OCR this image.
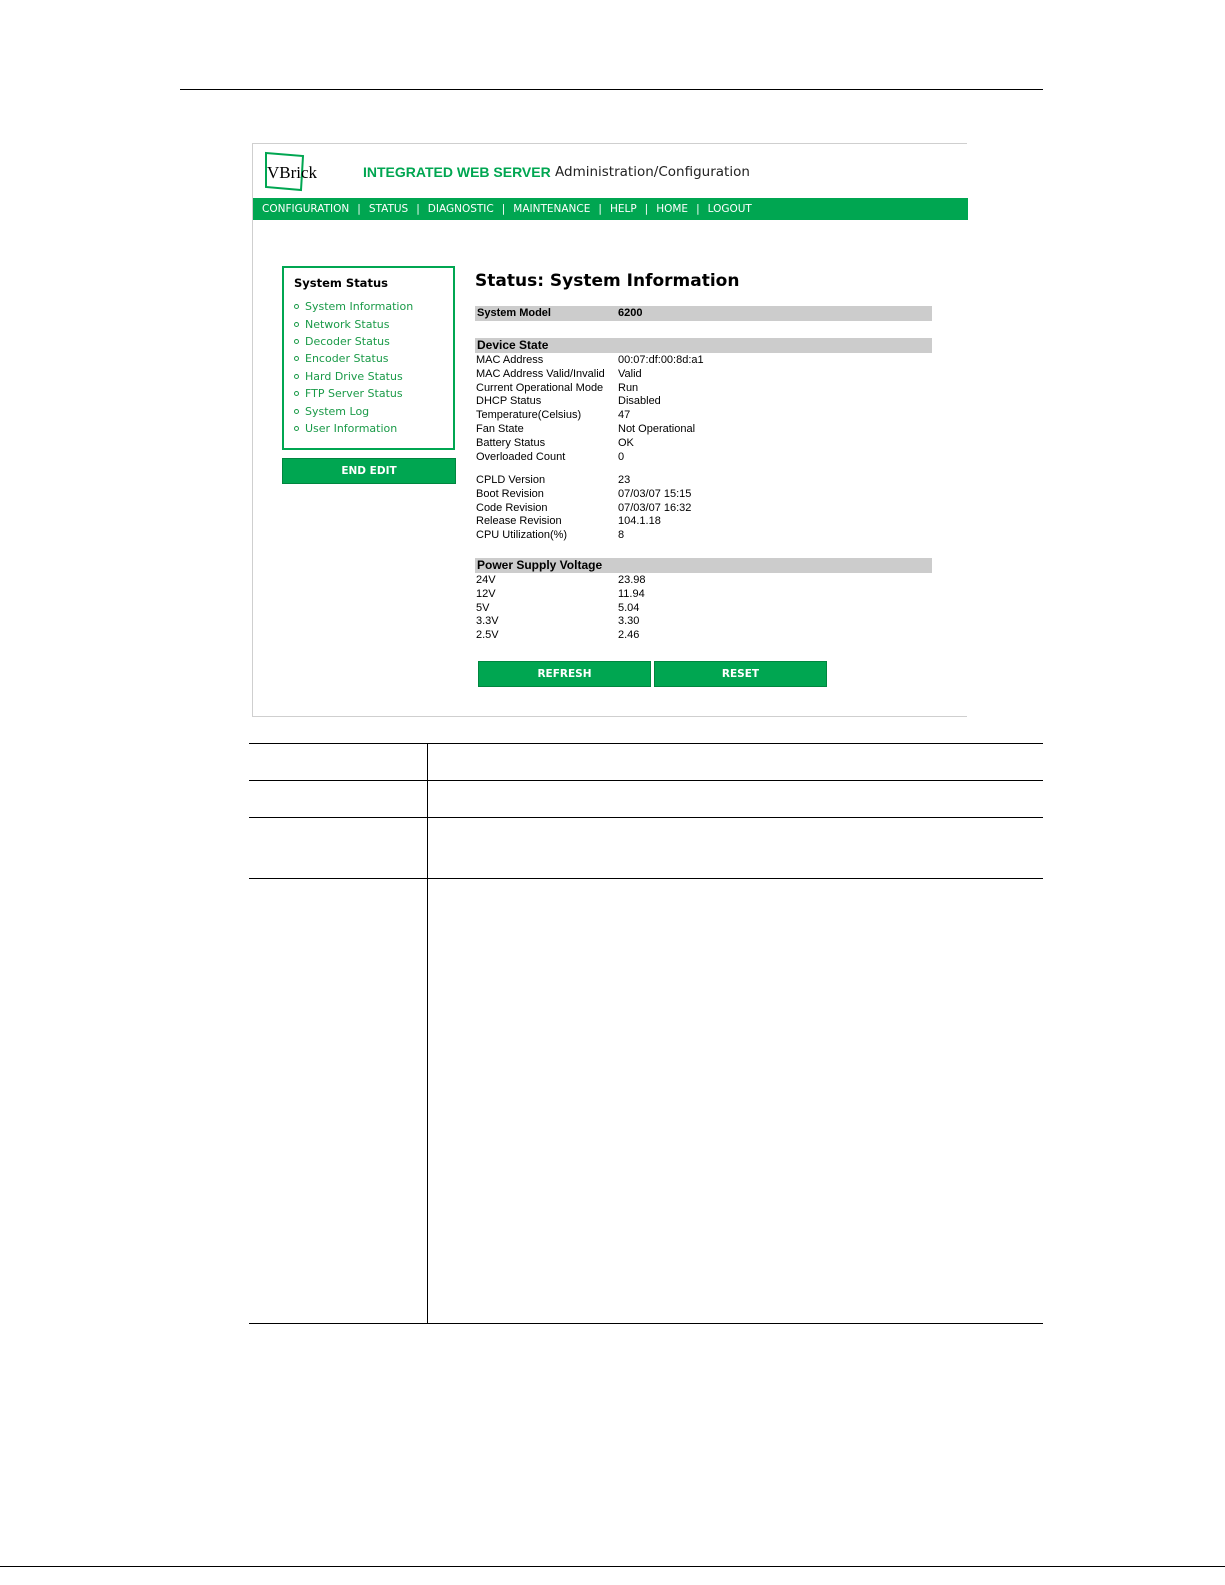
VBrick	INTEGRATED WEB SERVER Administration/Configuration
CONFIGURATION | STATUS | DIAGNOSTIC | MAINTENANCE | HELP | HOME | LOGOUT
System Status
System Information
Network Status
Decoder Status
Encoder Status
Hard Drive Status
FTP Server Status
System Log
User Information
END EDIT
Status: System Information
System Model	6200
Device State
MAC Address	00:07:df:00:8d:a1
MAC Address Valid/Invalid Valid
Current Operational Mode Run
DHCP Status	Disabled
Temperature(Celsius)	47
Fan State	Not Operational
Battery Status	OK
Overloaded Count	0
CPLD Version	23
Boot Revision	07/03/07 15:15
Code Revision	07/03/07 16:32
Release Revision	104.1.18
CPU Utilization(%)	8
Power Supply Voltage
24V	23.98
12V	11.94
5V	5.04
3.3V	3.30
2.5V	2.46
REFRESH	RESET
